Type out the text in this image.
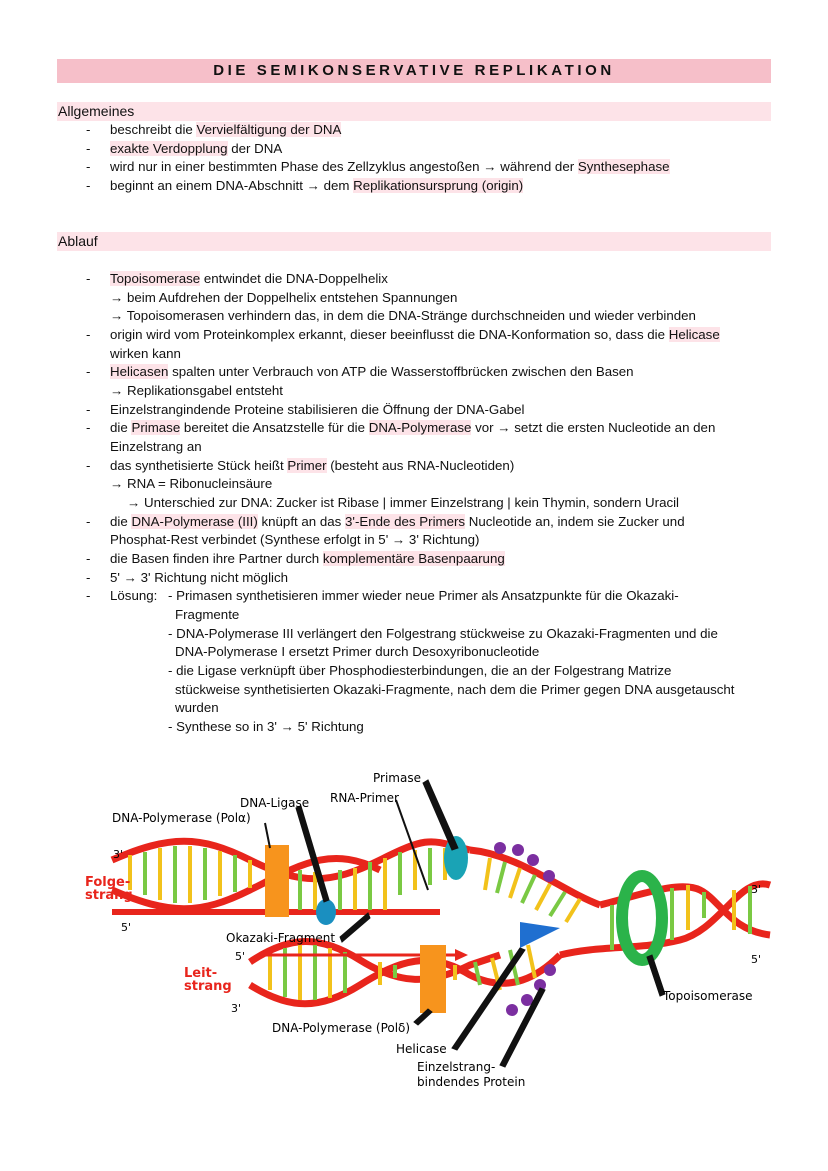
DIE SEMIKONSERVATIVE REPLIKATION
Allgemeines
- beschreibt die Vervielfältigung der DNA
- exakte Verdopplung der DNA
- wird nur in einer bestimmten Phase des Zellzyklus angestoßen → während der Synthesephase
- beginnt an einem DNA-Abschnitt → dem Replikationsursprung (origin)
Ablauf
- Topoisomerase entwindet die DNA-Doppelhelix
→ beim Aufdrehen der Doppelhelix entstehen Spannungen
→ Topoisomerasen verhindern das, in dem die DNA-Stränge durchschneiden und wieder verbinden
- origin wird vom Proteinkomplex erkannt, dieser beeinflusst die DNA-Konformation so, dass die Helicase
wirken kann
- Helicasen spalten unter Verbrauch von ATP die Wasserstoffbrücken zwischen den Basen
→ Replikationsgabel entsteht
- Einzelstrangindende Proteine stabilisieren die Öffnung der DNA-Gabel
- die Primase bereitet die Ansatzstelle für die DNA-Polymerase vor → setzt die ersten Nucleotide an den
Einzelstrang an
- das synthetisierte Stück heißt Primer (besteht aus RNA-Nucleotiden)
→ RNA = Ribonucleinsäure
→ Unterschied zur DNA: Zucker ist Ribase | immer Einzelstrang | kein Thymin, sondern Uracil
- die DNA-Polymerase (III) knüpft an das 3'-Ende des Primers Nucleotide an, indem sie Zucker und
Phosphat-Rest verbindet (Synthese erfolgt in 5' → 3' Richtung)
- die Basen finden ihre Partner durch komplementäre Basenpaarung
- 5' → 3' Richtung nicht möglich
- Lösung: - Primasen synthetisieren immer wieder neue Primer als Ansatzpunkte für die Okazaki-
Fragmente
- DNA-Polymerase III verlängert den Folgestrang stückweise zu Okazaki-Fragmenten und die
DNA-Polymerase I ersetzt Primer durch Desoxyribonucleotide
- die Ligase verknüpft über Phosphodiesterbindungen, die an der Folgestrang Matrize
stückweise synthetisierten Okazaki-Fragmente, nach dem die Primer gegen DNA ausgetauscht
wurden
- Synthese so in 3' → 5' Richtung
Primase
DNA-Ligase RNA-Primer
DNA-Polymerase (Polα)
3'
Folge-
strang
5'
Okazaki-Fragment
5'
Leit-
strang
3'
3'
5'
Topoisomerase
DNA-Polymerase (Polδ)
Helicase
Einzelstrang-
bindendes Protein
